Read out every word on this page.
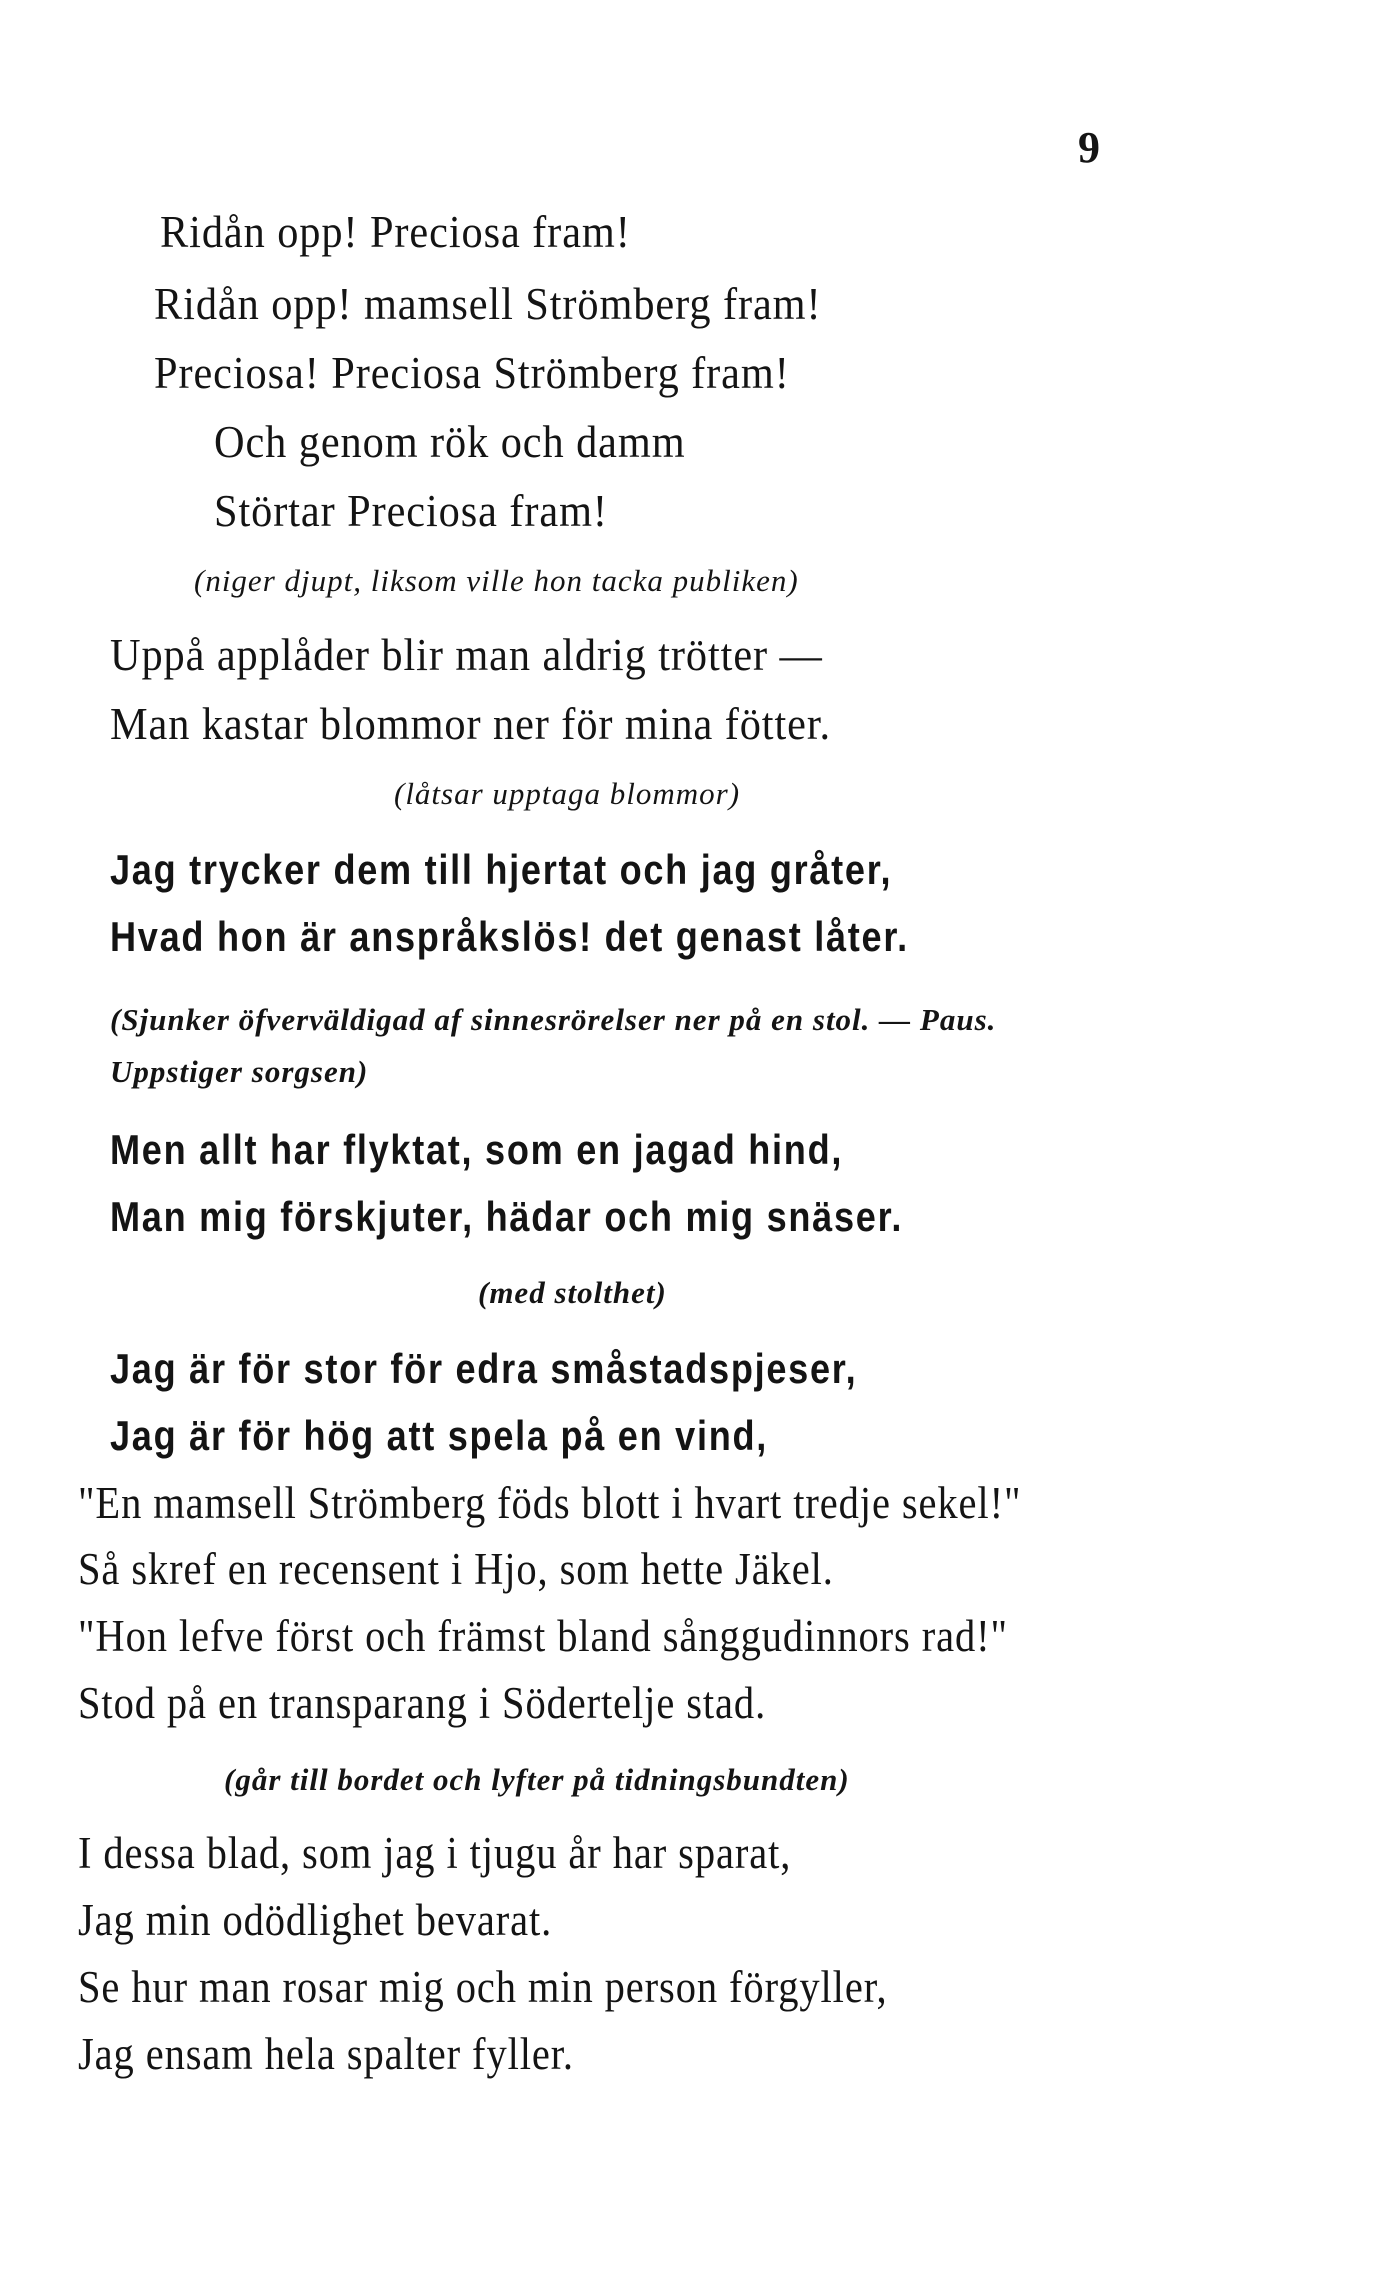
9
Ridån opp! Preciosa fram!
Ridån opp! mamsell Strömberg fram!
Preciosa! Preciosa Strömberg fram!
Och genom rök och damm
Störtar Preciosa fram!
(niger djupt, liksom ville hon tacka publiken)
Uppå applåder blir man aldrig trötter —
Man kastar blommor ner för mina fötter.
(låtsar upptaga blommor)
Jag trycker dem till hjertat och jag gråter,
Hvad hon är anspråkslös! det genast låter.
(Sjunker öfverväldigad af sinnesrörelser ner på en stol. — Paus.
Uppstiger sorgsen)
Men allt har flyktat, som en jagad hind,
Man mig förskjuter, hädar och mig snäser.
(med stolthet)
Jag är för stor för edra småstadspjeser,
Jag är för hög att spela på en vind,
"En mamsell Strömberg föds blott i hvart tredje sekel!"
Så skref en recensent i Hjo, som hette Jäkel.
"Hon lefve först och främst bland sånggudinnors rad!"
Stod på en transparang i Södertelje stad.
(går till bordet och lyfter på tidningsbundten)
I dessa blad, som jag i tjugu år har sparat,
Jag min odödlighet bevarat.
Se hur man rosar mig och min person förgyller,
Jag ensam hela spalter fyller.
